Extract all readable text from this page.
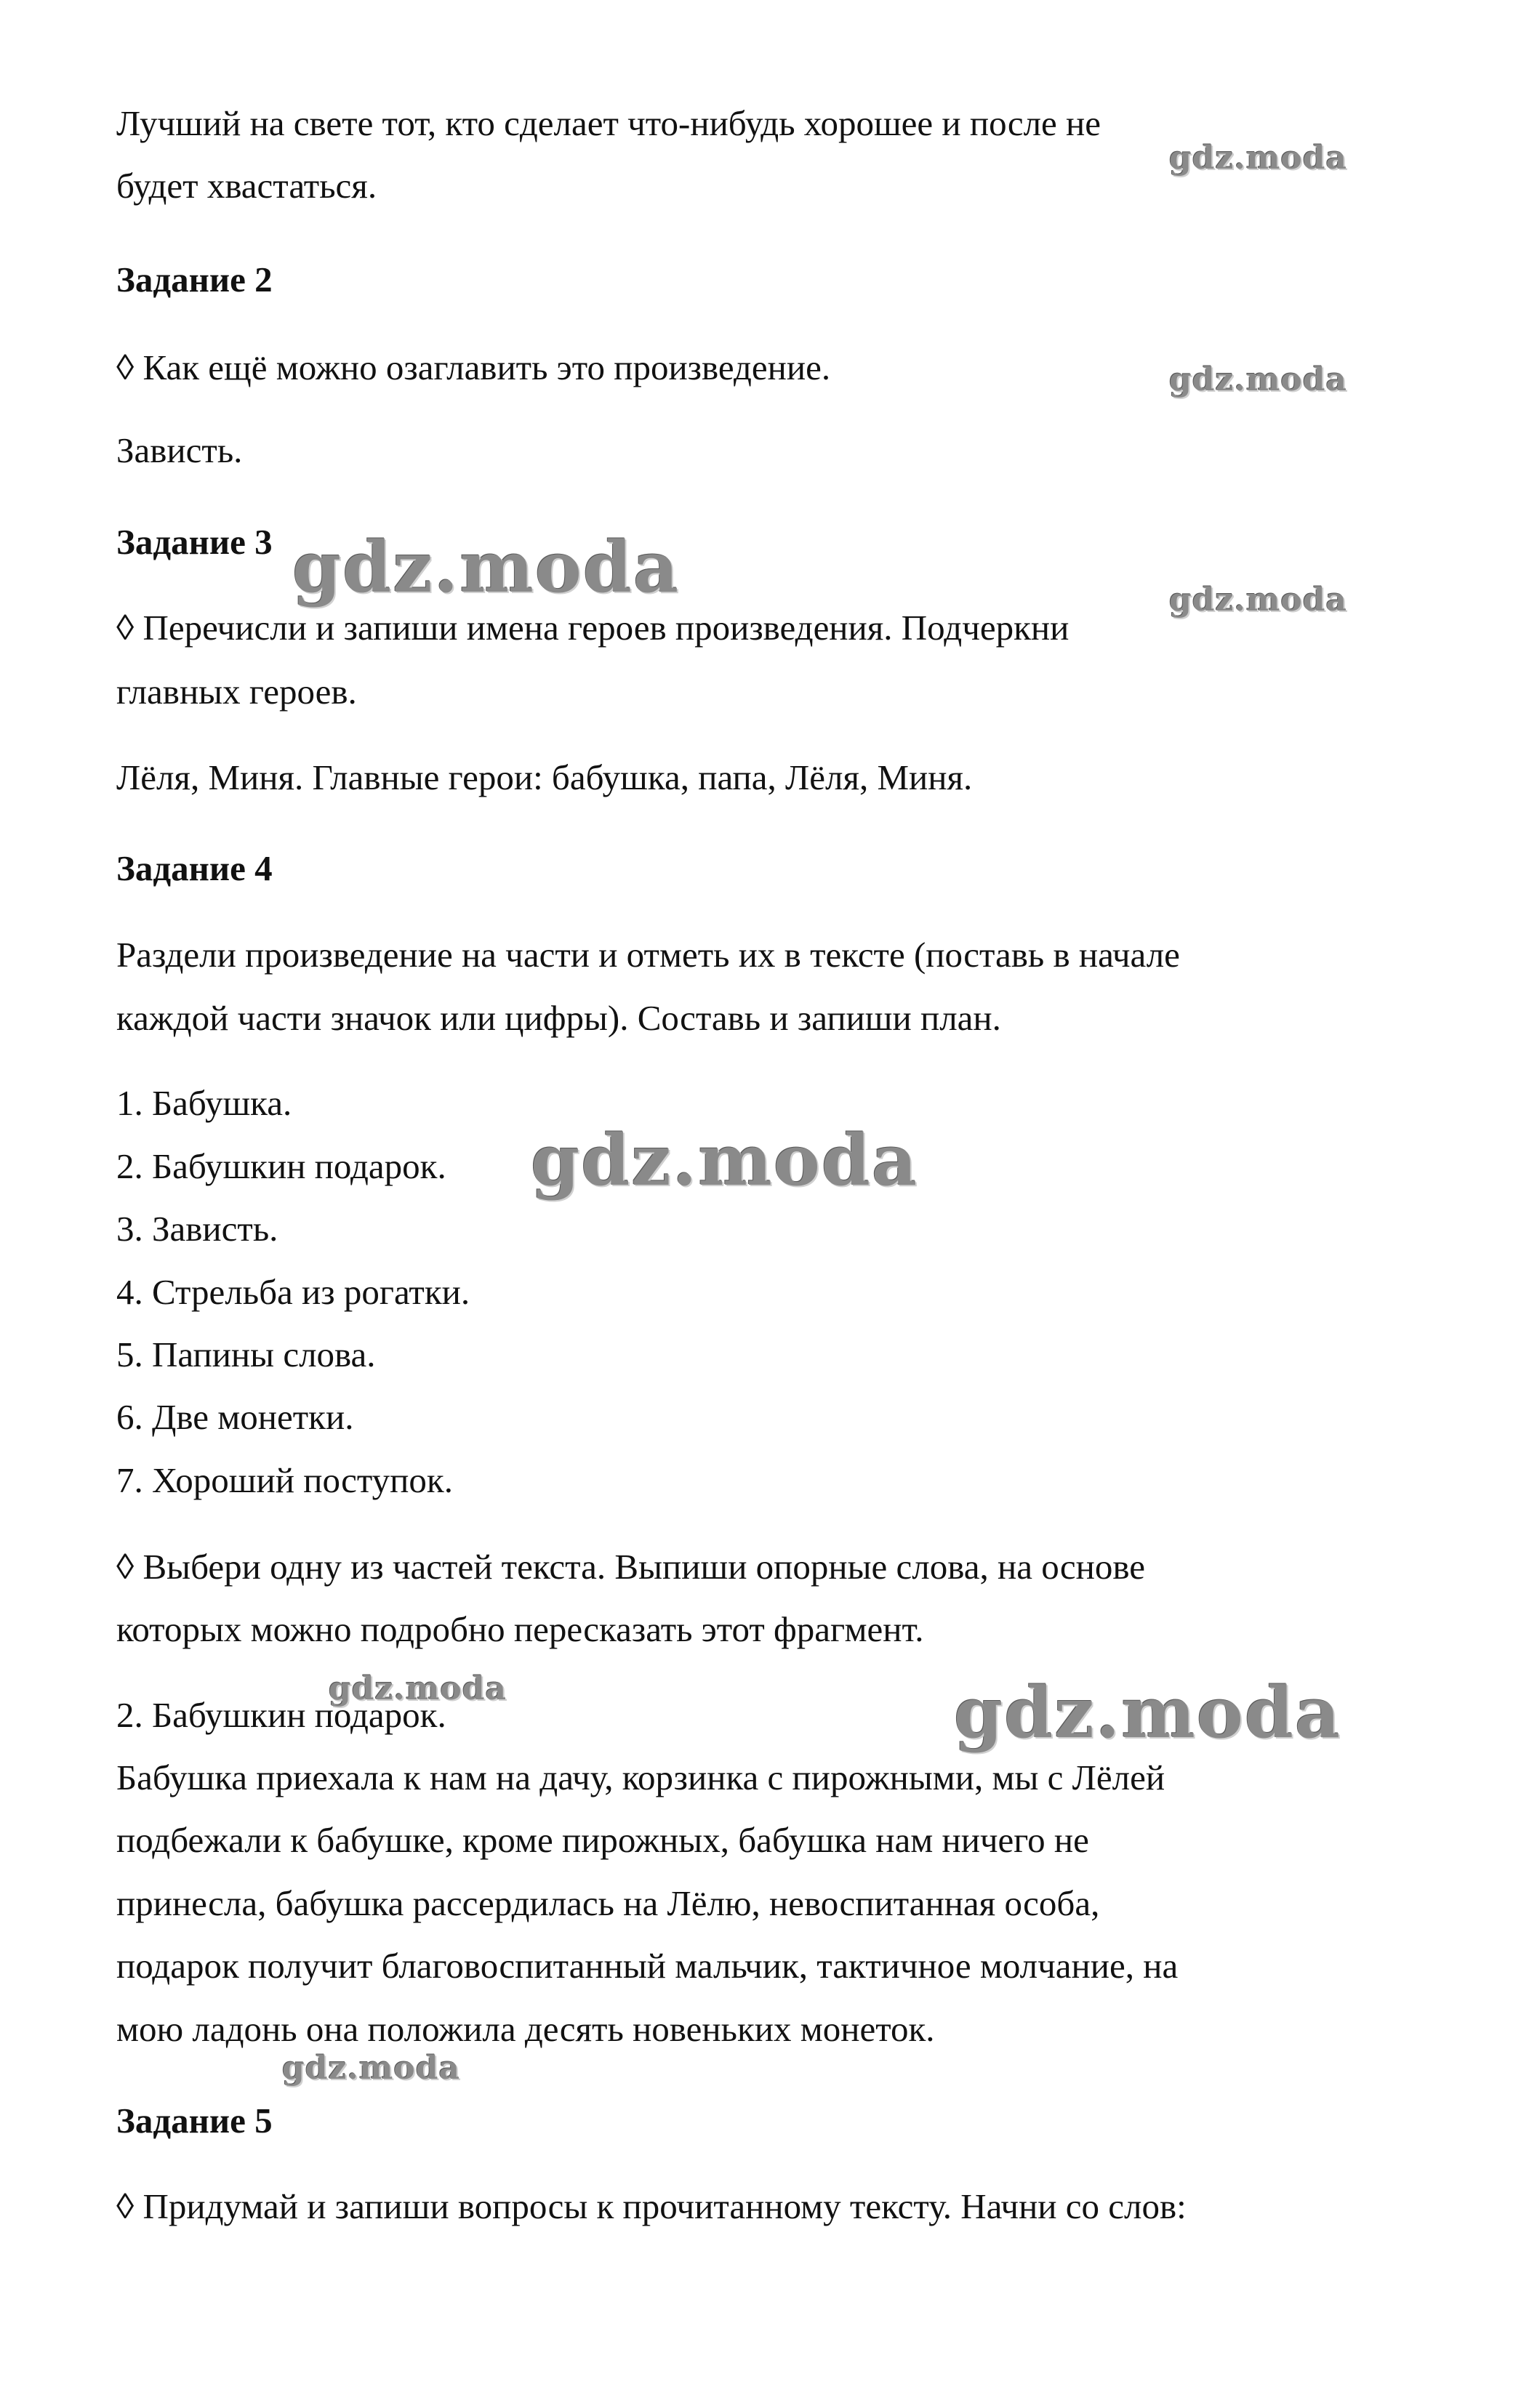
Лучший на свете тот, кто сделает что-нибудь хорошее и после не
будет хвастаться.
Задание 2
◊ Как ещё можно озаглавить это произведение.
Зависть.
Задание 3
◊ Перечисли и запиши имена героев произведения. Подчеркни
главных героев.
Лёля, Миня. Главные герои: бабушка, папа, Лёля, Миня.
Задание 4
Раздели произведение на части и отметь их в тексте (поставь в начале
каждой части значок или цифры). Составь и запиши план.
1. Бабушка.
2. Бабушкин подарок.
3. Зависть.
4. Стрельба из рогатки.
5. Папины слова.
6. Две монетки.
7. Хороший поступок.
◊ Выбери одну из частей текста. Выпиши опорные слова, на основе
которых можно подробно пересказать этот фрагмент.
2. Бабушкин подарок.
Бабушка приехала к нам на дачу, корзинка с пирожными, мы с Лёлей
подбежали к бабушке, кроме пирожных, бабушка нам ничего не
принесла, бабушка рассердилась на Лёлю, невоспитанная особа,
подарок получит благовоспитанный мальчик, тактичное молчание, на
мою ладонь она положила десять новеньких монеток.
Задание 5
◊ Придумай и запиши вопросы к прочитанному тексту. Начни со слов:
gdz.moda
gdz.moda
gdz.moda
gdz.moda
gdz.moda
gdz.moda	gdz.moda
gdz.moda
